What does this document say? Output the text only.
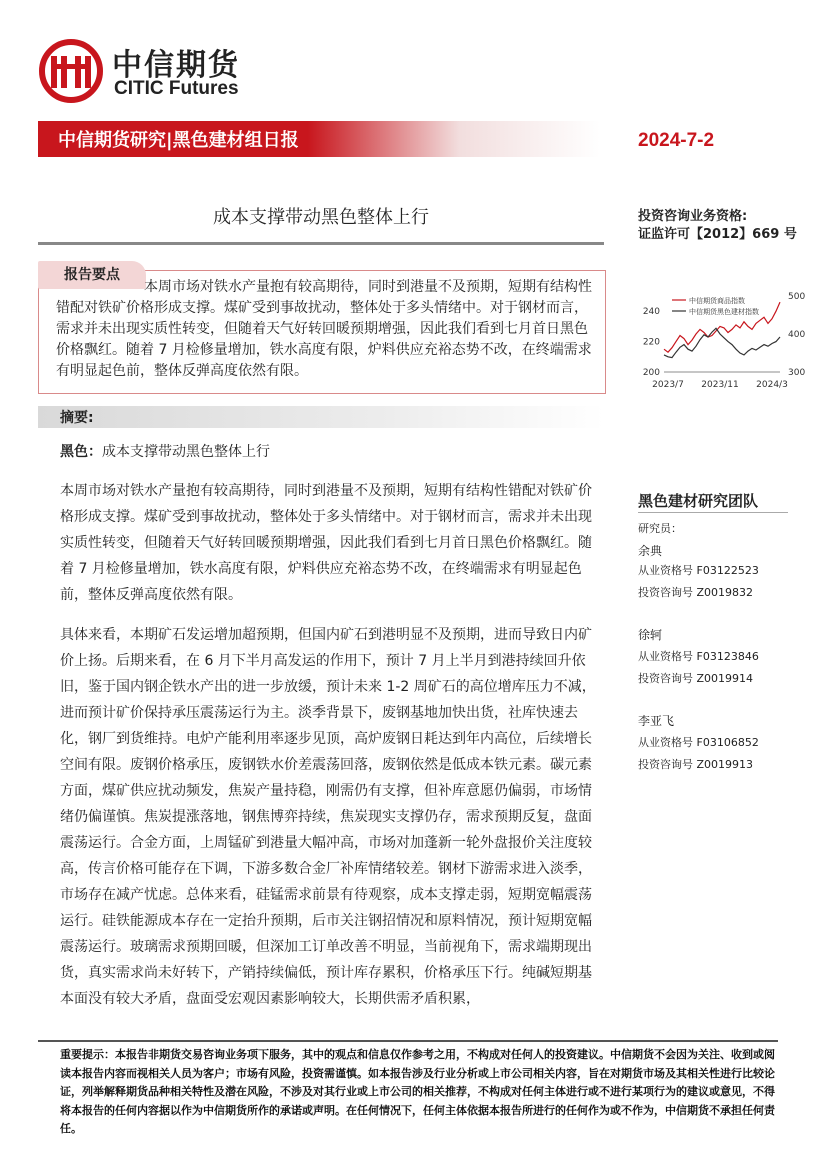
中信期货
CITIC Futures
中信期货研究|黑色建材组日报	2024-7-2
成本支撑带动黑色整体上行	投资咨询业务资格:
证监许可【2012】669 号
报告要点
本周市场对铁水产量抱有较高期待，同时到港量不及预期，短期有结构性错配对铁矿价格形成支撑。煤矿受到事故扰动，整体处于多头情绪中。对于钢材而言，需求并未出现实质性转变，但随着天气好转回暖预期增强，因此我们看到七月首日黑色价格飘红。随着 7 月检修量增加，铁水高度有限，炉料供应充裕态势不改，在终端需求有明显起色前，整体反弹高度依然有限。
中信期货商品指数
中信期货黑色建材指数
200
220
240
300
400
500
2023/7 2023/11 2024/3
摘要:
黑色：成本支撑带动黑色整体上行
本周市场对铁水产量抱有较高期待，同时到港量不及预期，短期有结构性错配对铁矿价格形成支撑。煤矿受到事故扰动，整体处于多头情绪中。对于钢材而言，需求并未出现实质性转变，但随着天气好转回暖预期增强，因此我们看到七月首日黑色价格飘红。随着 7 月检修量增加，铁水高度有限，炉料供应充裕态势不改，在终端需求有明显起色前，整体反弹高度依然有限。
具体来看，本期矿石发运增加超预期，但国内矿石到港明显不及预期，进而导致日内矿价上扬。后期来看，在 6 月下半月高发运的作用下，预计 7 月上半月到港持续回升依旧，鉴于国内钢企铁水产出的进一步放缓，预计未来 1-2 周矿石的高位增库压力不减，进而预计矿价保持承压震荡运行为主。淡季背景下，废钢基地加快出货，社库快速去化，钢厂到货维持。电炉产能利用率逐步见顶，高炉废钢日耗达到年内高位，后续增长空间有限。废钢价格承压，废钢铁水价差震荡回落，废钢依然是低成本铁元素。碳元素方面，煤矿供应扰动频发，焦炭产量持稳，刚需仍有支撑，但补库意愿仍偏弱，市场情绪仍偏谨慎。焦炭提涨落地，钢焦博弈持续，焦炭现实支撑仍存，需求预期反复，盘面震荡运行。合金方面，上周锰矿到港量大幅冲高，市场对加蓬新一轮外盘报价关注度较高，传言价格可能存在下调，下游多数合金厂补库情绪较差。钢材下游需求进入淡季，市场存在减产忧虑。总体来看，硅锰需求前景有待观察，成本支撑走弱，短期宽幅震荡运行。硅铁能源成本存在一定抬升预期，后市关注钢招情况和原料情况，预计短期宽幅震荡运行。玻璃需求预期回暖，但深加工订单改善不明显，当前视角下，需求端期现出货，真实需求尚未好转下，产销持续偏低，预计库存累积，价格承压下行。纯碱短期基本面没有较大矛盾，盘面受宏观因素影响较大，长期供需矛盾积累，
黑色建材研究团队
研究员：
余典
从业资格号 F03122523
投资咨询号 Z0019832
徐轲
从业资格号 F03123846
投资咨询号 Z0019914
李亚飞
从业资格号 F03106852
投资咨询号 Z0019913
重要提示：本报告非期货交易咨询业务项下服务，其中的观点和信息仅作参考之用，不构成对任何人的投资建议。中信期货不会因为关注、收到或阅读本报告内容而视相关人员为客户；市场有风险，投资需谨慎。如本报告涉及行业分析或上市公司相关内容，旨在对期货市场及其相关性进行比较论证，列举解释期货品种相关特性及潜在风险，不涉及对其行业或上市公司的相关推荐，不构成对任何主体进行或不进行某项行为的建议或意见，不得将本报告的任何内容据以作为中信期货所作的承诺或声明。在任何情况下，任何主体依据本报告所进行的任何作为或不作为，中信期货不承担任何责任。
